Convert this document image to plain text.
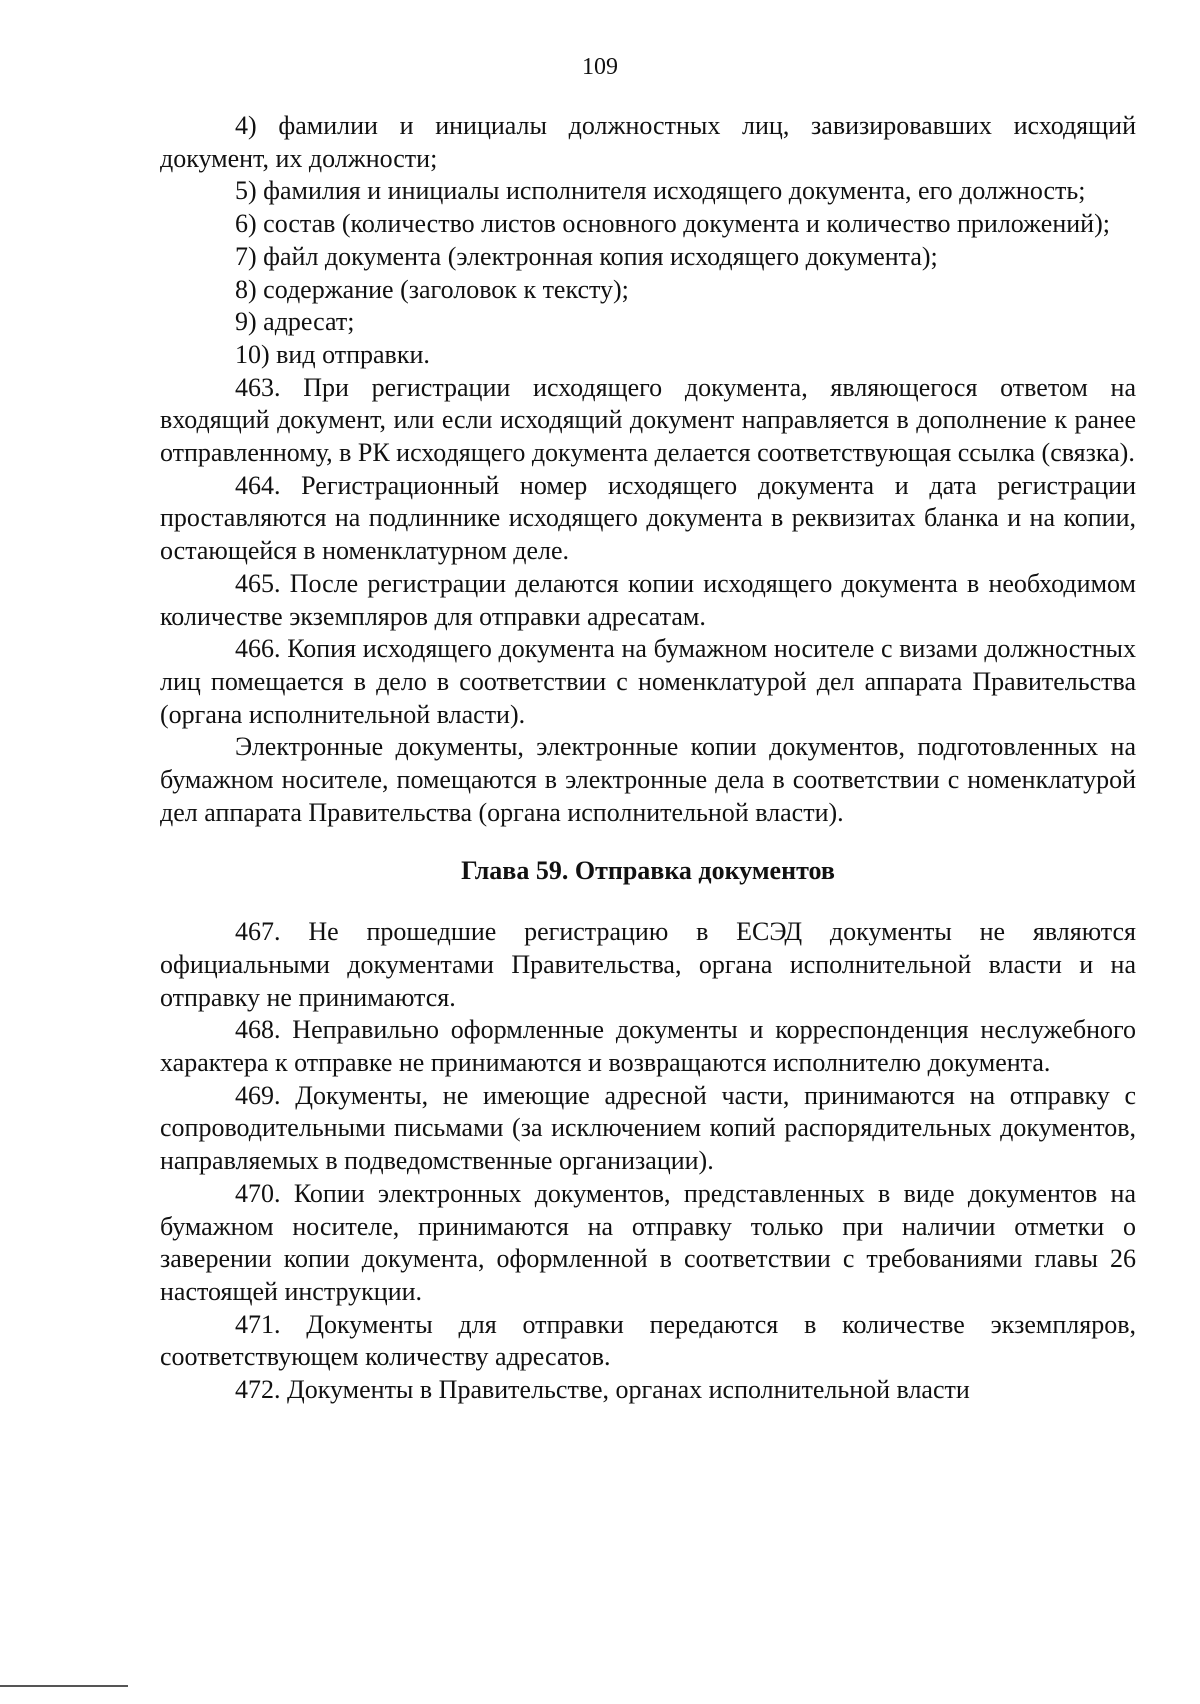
109

4) фамилии и инициалы должностных лиц, завизировавших исходящий документ, их должности;

5) фамилия и инициалы исполнителя исходящего документа, его должность;

6) состав (количество листов основного документа и количество приложений);

7) файл документа (электронная копия исходящего документа);

8) содержание (заголовок к тексту);

9) адресат;

10) вид отправки.

463. При регистрации исходящего документа, являющегося ответом на входящий документ, или если исходящий документ направляется в дополнение к ранее отправленному, в РК исходящего документа делается соответствующая ссылка (связка).

464. Регистрационный номер исходящего документа и дата регистрации проставляются на подлиннике исходящего документа в реквизитах бланка и на копии, остающейся в номенклатурном деле.

465. После регистрации делаются копии исходящего документа в необходимом количестве экземпляров для отправки адресатам.

466. Копия исходящего документа на бумажном носителе с визами должностных лиц помещается в дело в соответствии с номенклатурой дел аппарата Правительства (органа исполнительной власти).

Электронные документы, электронные копии документов, подготовленных на бумажном носителе, помещаются в электронные дела в соответствии с номенклатурой дел аппарата Правительства (органа исполнительной власти).

Глава 59. Отправка документов

467. Не прошедшие регистрацию в ЕСЭД документы не являются официальными документами Правительства, органа исполнительной власти и на отправку не принимаются.

468. Неправильно оформленные документы и корреспонденция неслужебного характера к отправке не принимаются и возвращаются исполнителю документа.

469. Документы, не имеющие адресной части, принимаются на отправку с сопроводительными письмами (за исключением копий распорядительных документов, направляемых в подведомственные организации).

470. Копии электронных документов, представленных в виде документов на бумажном носителе, принимаются на отправку только при наличии отметки о заверении копии документа, оформленной в соответствии с требованиями главы 26 настоящей инструкции.

471. Документы для отправки передаются в количестве экземпляров, соответствующем количеству адресатов.

472. Документы в Правительстве, органах исполнительной власти
